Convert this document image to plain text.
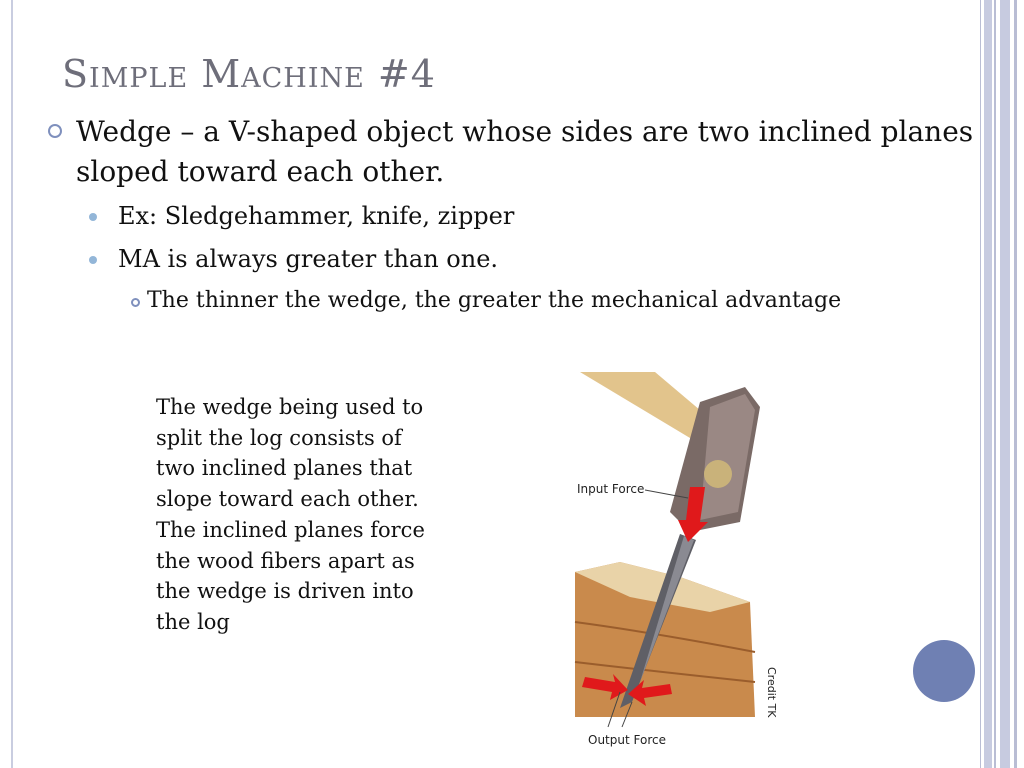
Simple Machine #4
Wedge – a V-shaped object whose sides are two inclined planes sloped toward each other.
Ex: Sledgehammer, knife, zipper
MA is always greater than one.
The thinner the wedge, the greater the mechanical advantage
The wedge being used to split the log consists of two inclined planes that slope toward each other. The inclined planes force the wood fibers apart as the wedge is driven into the log
Input Force
Output Force
Credit TK
